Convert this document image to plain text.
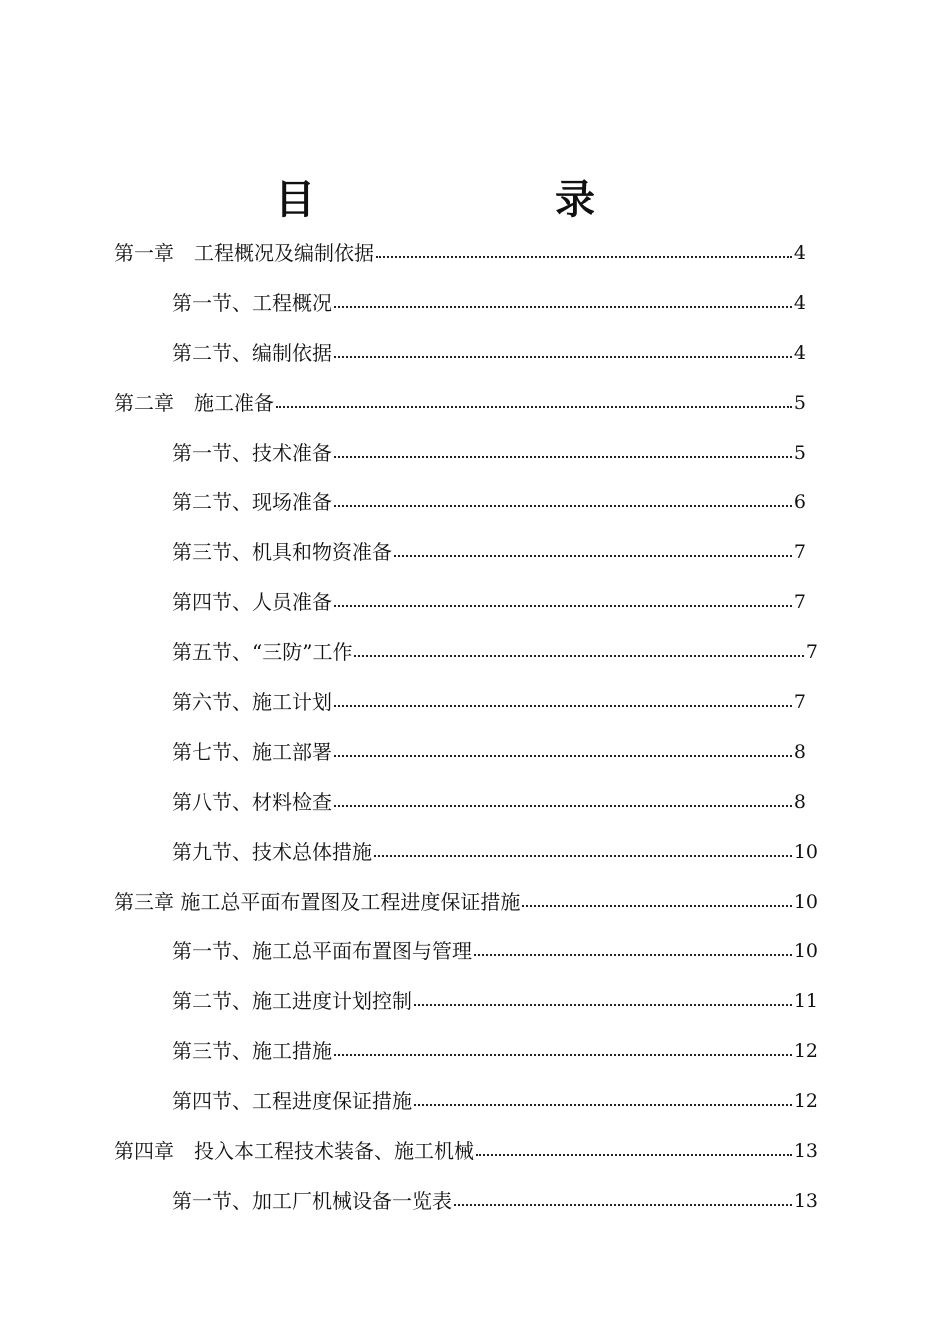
目　录
第一章　工程概况及编制依据	4
第一节、工程概况	4
第二节、编制依据	4
第二章　施工准备	5
第一节、技术准备	5
第二节、现场准备	6
第三节、机具和物资准备	7
第四节、人员准备	7
第五节、“三防”工作	7
第六节、施工计划	7
第七节、施工部署	8
第八节、材料检查	8
第九节、技术总体措施	10
第三章 施工总平面布置图及工程进度保证措施	10
第一节、施工总平面布置图与管理	10
第二节、施工进度计划控制	11
第三节、施工措施	12
第四节、工程进度保证措施	12
第四章　投入本工程技术装备、施工机械	13
第一节、加工厂机械设备一览表	13
